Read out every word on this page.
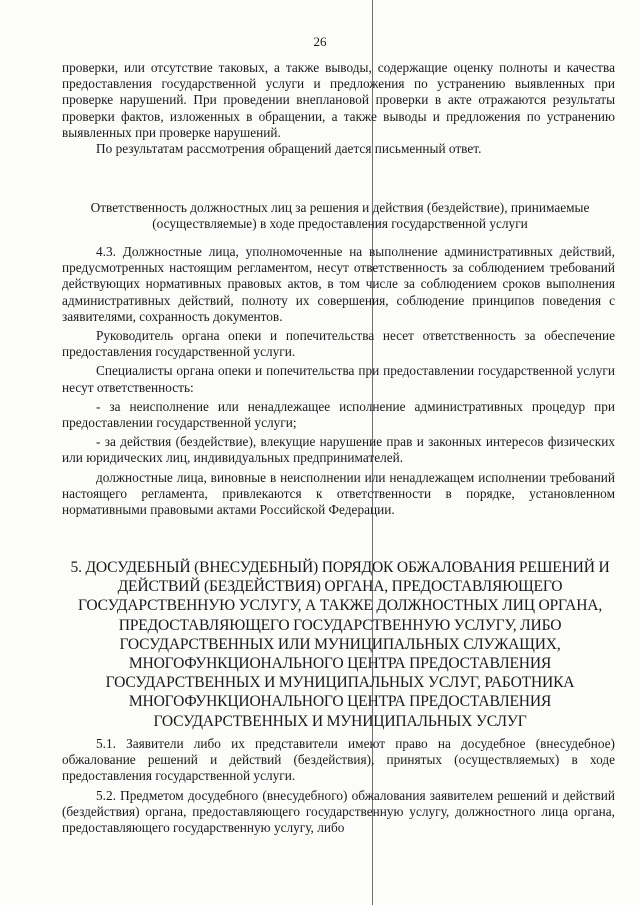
26

проверки, или отсутствие таковых, а также выводы, содержащие оценку полноты и качества предоставления государственной услуги и предложения по устранению выявленных при проверке нарушений. При проведении внеплановой проверки в акте отражаются результаты проверки фактов, изложенных в обращении, а также выводы и предложения по устранению выявленных при проверке нарушений.

По результатам рассмотрения обращений дается письменный ответ.

Ответственность должностных лиц за решения и действия (бездействие), принимаемые (осуществляемые) в ходе предоставления государственной услуги

4.3. Должностные лица, уполномоченные на выполнение административных действий, предусмотренных настоящим регламентом, несут ответственность за соблюдением требований действующих нормативных правовых актов, в том числе за соблюдением сроков выполнения административных действий, полноту их совершения, соблюдение принципов поведения с заявителями, сохранность документов.

Руководитель органа опеки и попечительства несет ответственность за обеспечение предоставления государственной услуги.

Специалисты органа опеки и попечительства при предоставлении государственной услуги несут ответственность:

- за неисполнение или ненадлежащее исполнение административных процедур при предоставлении государственной услуги;

- за действия (бездействие), влекущие нарушение прав и законных интересов физических или юридических лиц, индивидуальных предпринимателей.

должностные лица, виновные в неисполнении или ненадлежащем исполнении требований настоящего регламента, привлекаются к ответственности в порядке, установленном нормативными правовыми актами Российской Федерации.

5. ДОСУДЕБНЫЙ (ВНЕСУДЕБНЫЙ) ПОРЯДОК ОБЖАЛОВАНИЯ РЕШЕНИЙ И ДЕЙСТВИЙ (БЕЗДЕЙСТВИЯ) ОРГАНА, ПРЕДОСТАВЛЯЮЩЕГО ГОСУДАРСТВЕННУЮ УСЛУГУ, А ТАКЖЕ ДОЛЖНОСТНЫХ ЛИЦ ОРГАНА, ПРЕДОСТАВЛЯЮЩЕГО ГОСУДАРСТВЕННУЮ УСЛУГУ, ЛИБО ГОСУДАРСТВЕННЫХ ИЛИ МУНИЦИПАЛЬНЫХ СЛУЖАЩИХ, МНОГОФУНКЦИОНАЛЬНОГО ЦЕНТРА ПРЕДОСТАВЛЕНИЯ ГОСУДАРСТВЕННЫХ И МУНИЦИПАЛЬНЫХ УСЛУГ, РАБОТНИКА МНОГОФУНКЦИОНАЛЬНОГО ЦЕНТРА ПРЕДОСТАВЛЕНИЯ ГОСУДАРСТВЕННЫХ И МУНИЦИПАЛЬНЫХ УСЛУГ

5.1. Заявители либо их представители имеют право на досудебное (внесудебное) обжалование решений и действий (бездействия), принятых (осуществляемых) в ходе предоставления государственной услуги.

5.2. Предметом досудебного (внесудебного) обжалования заявителем решений и действий (бездействия) органа, предоставляющего государственную услугу, должностного лица органа, предоставляющего государственную услугу, либо
